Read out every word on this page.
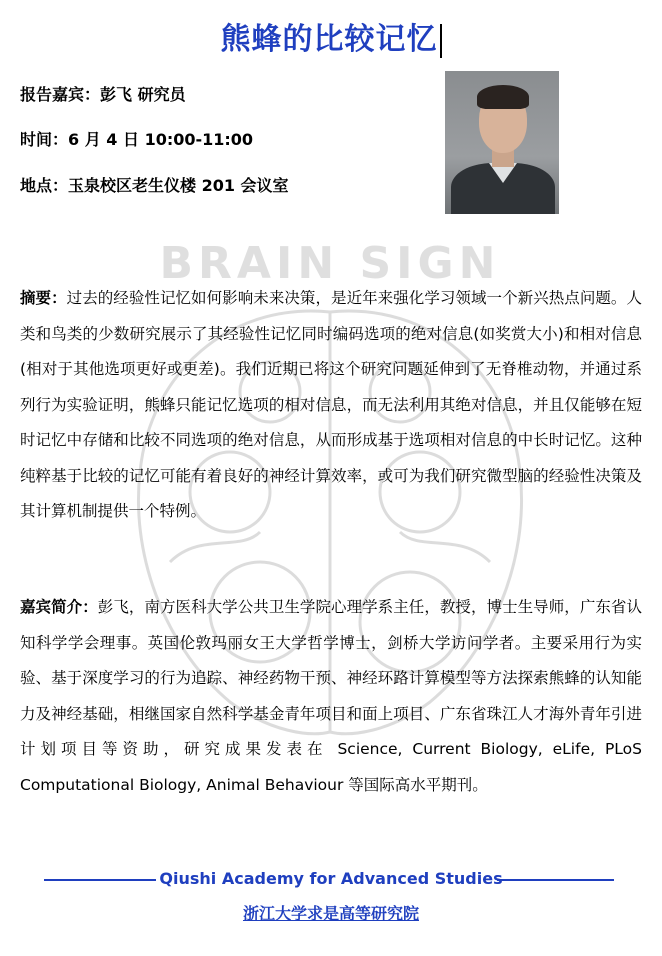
熊蜂的比较记忆
报告嘉宾：彭飞 研究员
时间：6 月 4 日 10:00-11:00
地点：玉泉校区老生仪楼 201 会议室
BRAIN SIGN
摘要：过去的经验性记忆如何影响未来决策，是近年来强化学习领域一个新兴热点问题。人类和鸟类的少数研究展示了其经验性记忆同时编码选项的绝对信息(如奖赏大小)和相对信息(相对于其他选项更好或更差)。我们近期已将这个研究问题延伸到了无脊椎动物，并通过系列行为实验证明，熊蜂只能记忆选项的相对信息，而无法利用其绝对信息，并且仅能够在短时记忆中存储和比较不同选项的绝对信息，从而形成基于选项相对信息的中长时记忆。这种纯粹基于比较的记忆可能有着良好的神经计算效率，或可为我们研究微型脑的经验性决策及其计算机制提供一个特例。
嘉宾简介：彭飞，南方医科大学公共卫生学院心理学系主任，教授，博士生导师，广东省认知科学学会理事。英国伦敦玛丽女王大学哲学博士，剑桥大学访问学者。主要采用行为实验、基于深度学习的行为追踪、神经药物干预、神经环路计算模型等方法探索熊蜂的认知能力及神经基础，相继国家自然科学基金青年项目和面上项目、广东省珠江人才海外青年引进计划项目等资助，研究成果发表在 Science, Current Biology, eLife, PLoS Computational Biology, Animal Behaviour 等国际高水平期刊。
Qiushi Academy for Advanced Studies
浙江大学求是高等研究院
